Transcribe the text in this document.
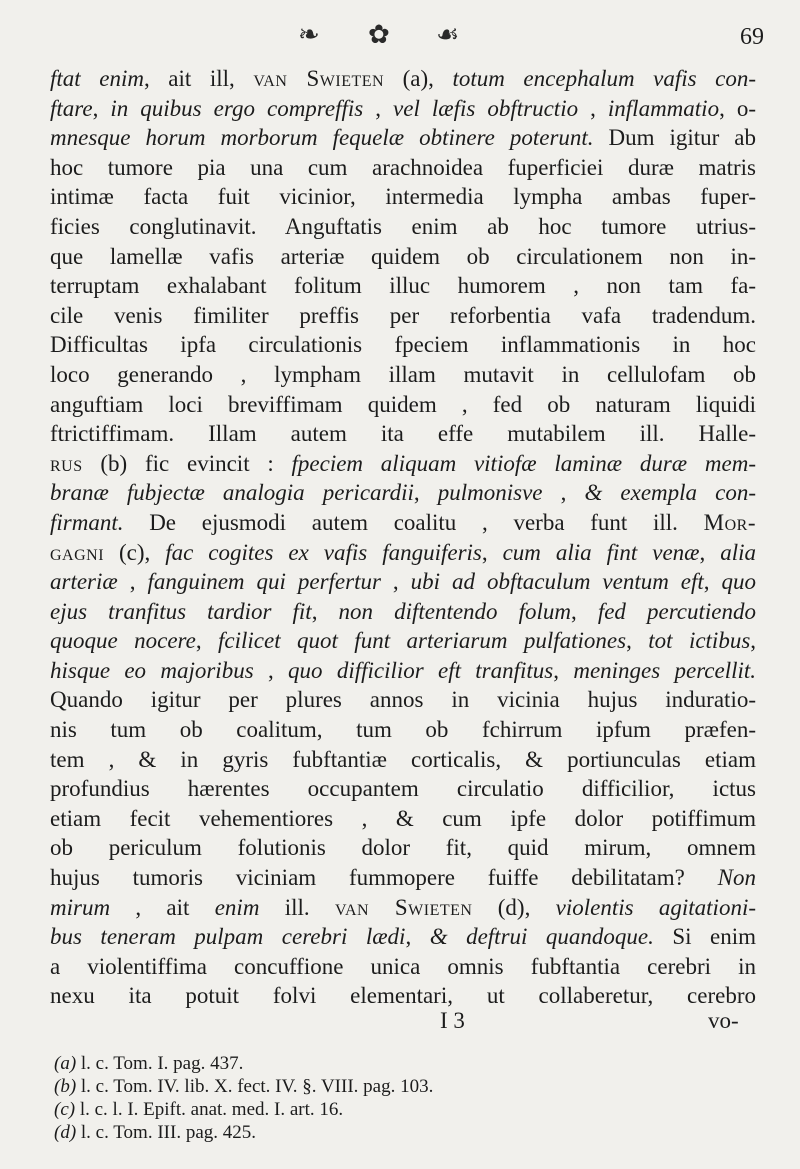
❧ ✿ ☙	69

ftat enim, ait ill, van Swieten (a), totum encephalum vafis con-
ftare, in quibus ergo compreffis , vel læfis obftructio , inflammatio, o-
mnesque horum morborum fequelæ obtinere poterunt. Dum igitur ab
hoc tumore pia una cum arachnoidea fuperficiei duræ matris
intimæ facta fuit vicinior, intermedia lympha ambas fuper-
ficies conglutinavit. Anguftatis enim ab hoc tumore utrius-
que lamellæ vafis arteriæ quidem ob circulationem non in-
terruptam exhalabant folitum illuc humorem , non tam fa-
cile venis fimiliter preffis per reforbentia vafa tradendum.
Difficultas ipfa circulationis fpeciem inflammationis in hoc
loco generando , lympham illam mutavit in cellulofam ob
anguftiam loci breviffimam quidem , fed ob naturam liquidi
ftrictiffimam. Illam autem ita effe mutabilem ill. Halle-
rus (b) fic evincit : fpeciem aliquam vitiofæ laminæ duræ mem-
branæ fubjectæ analogia pericardii, pulmonisve , & exempla con-
firmant. De ejusmodi autem coalitu , verba funt ill. Mor-
gagni (c), fac cogites ex vafis fanguiferis, cum alia fint venæ, alia
arteriæ , fanguinem qui perfertur , ubi ad obftaculum ventum eft, quo
ejus tranfitus tardior fit, non diftentendo folum, fed percutiendo
quoque nocere, fcilicet quot funt arteriarum pulfationes, tot ictibus,
hisque eo majoribus , quo difficilior eft tranfitus, meninges percellit.
Quando igitur per plures annos in vicinia hujus induratio-
nis tum ob coalitum, tum ob fchirrum ipfum præfen-
tem , & in gyris fubftantiæ corticalis, & portiunculas etiam
profundius hærentes occupantem circulatio difficilior, ictus
etiam fecit vehementiores , & cum ipfe dolor potiffimum
ob periculum folutionis dolor fit, quid mirum, omnem
hujus tumoris viciniam fummopere fuiffe debilitatam? Non
mirum , ait enim ill. van Swieten (d), violentis agitationi-
bus teneram pulpam cerebri lædi, & deftrui quandoque. Si enim
a violentiffima concuffione unica omnis fubftantia cerebri in
nexu ita potuit folvi elementari, ut collaberetur, cerebro

I 3	vo-
(a) l. c. Tom. I. pag. 437.
(b) l. c. Tom. IV. lib. X. fect. IV. §. VIII. pag. 103.
(c) l. c. l. I. Epift. anat. med. I. art. 16.
(d) l. c. Tom. III. pag. 425.
